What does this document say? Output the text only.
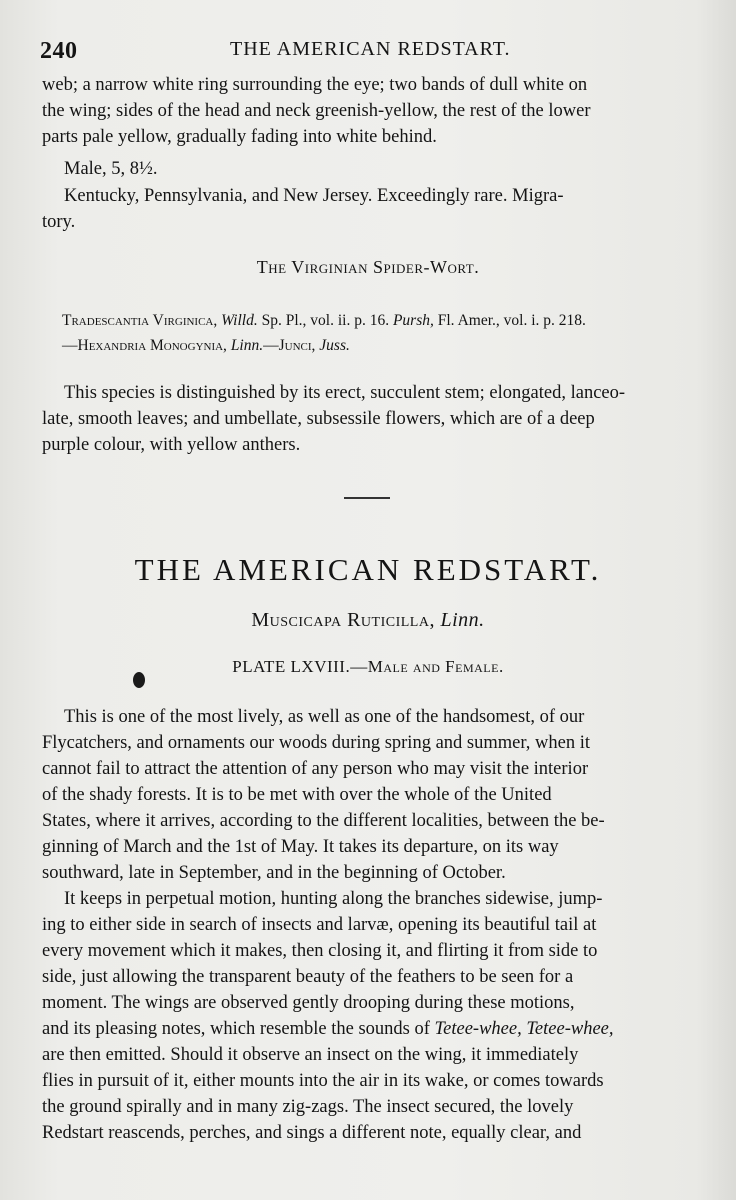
240	THE AMERICAN REDSTART.

web; a narrow white ring surrounding the eye; two bands of dull white on

the wing; sides of the head and neck greenish-yellow, the rest of the lower

parts pale yellow, gradually fading into white behind.

Male, 5, 8½.

Kentucky, Pennsylvania, and New Jersey. Exceedingly rare. Migra-

tory.

The Virginian Spider-Wort.
Tradescantia Virginica, Willd. Sp. Pl., vol. ii. p. 16. Pursh, Fl. Amer., vol. i. p. 218.
—Hexandria Monogynia, Linn.—Junci, Juss.

This species is distinguished by its erect, succulent stem; elongated, lanceo-

late, smooth leaves; and umbellate, subsessile flowers, which are of a deep

purple colour, with yellow anthers.

THE AMERICAN REDSTART.
Muscicapa Ruticilla, Linn.
PLATE LXVIII.—Male and Female.

This is one of the most lively, as well as one of the handsomest, of our

Flycatchers, and ornaments our woods during spring and summer, when it

cannot fail to attract the attention of any person who may visit the interior

of the shady forests. It is to be met with over the whole of the United

States, where it arrives, according to the different localities, between the be-

ginning of March and the 1st of May. It takes its departure, on its way

southward, late in September, and in the beginning of October.

It keeps in perpetual motion, hunting along the branches sidewise, jump-

ing to either side in search of insects and larvæ, opening its beautiful tail at

every movement which it makes, then closing it, and flirting it from side to

side, just allowing the transparent beauty of the feathers to be seen for a

moment. The wings are observed gently drooping during these motions,

and its pleasing notes, which resemble the sounds of Tetee-whee, Tetee-whee,

are then emitted. Should it observe an insect on the wing, it immediately

flies in pursuit of it, either mounts into the air in its wake, or comes towards

the ground spirally and in many zig-zags. The insect secured, the lovely

Redstart reascends, perches, and sings a different note, equally clear, and
